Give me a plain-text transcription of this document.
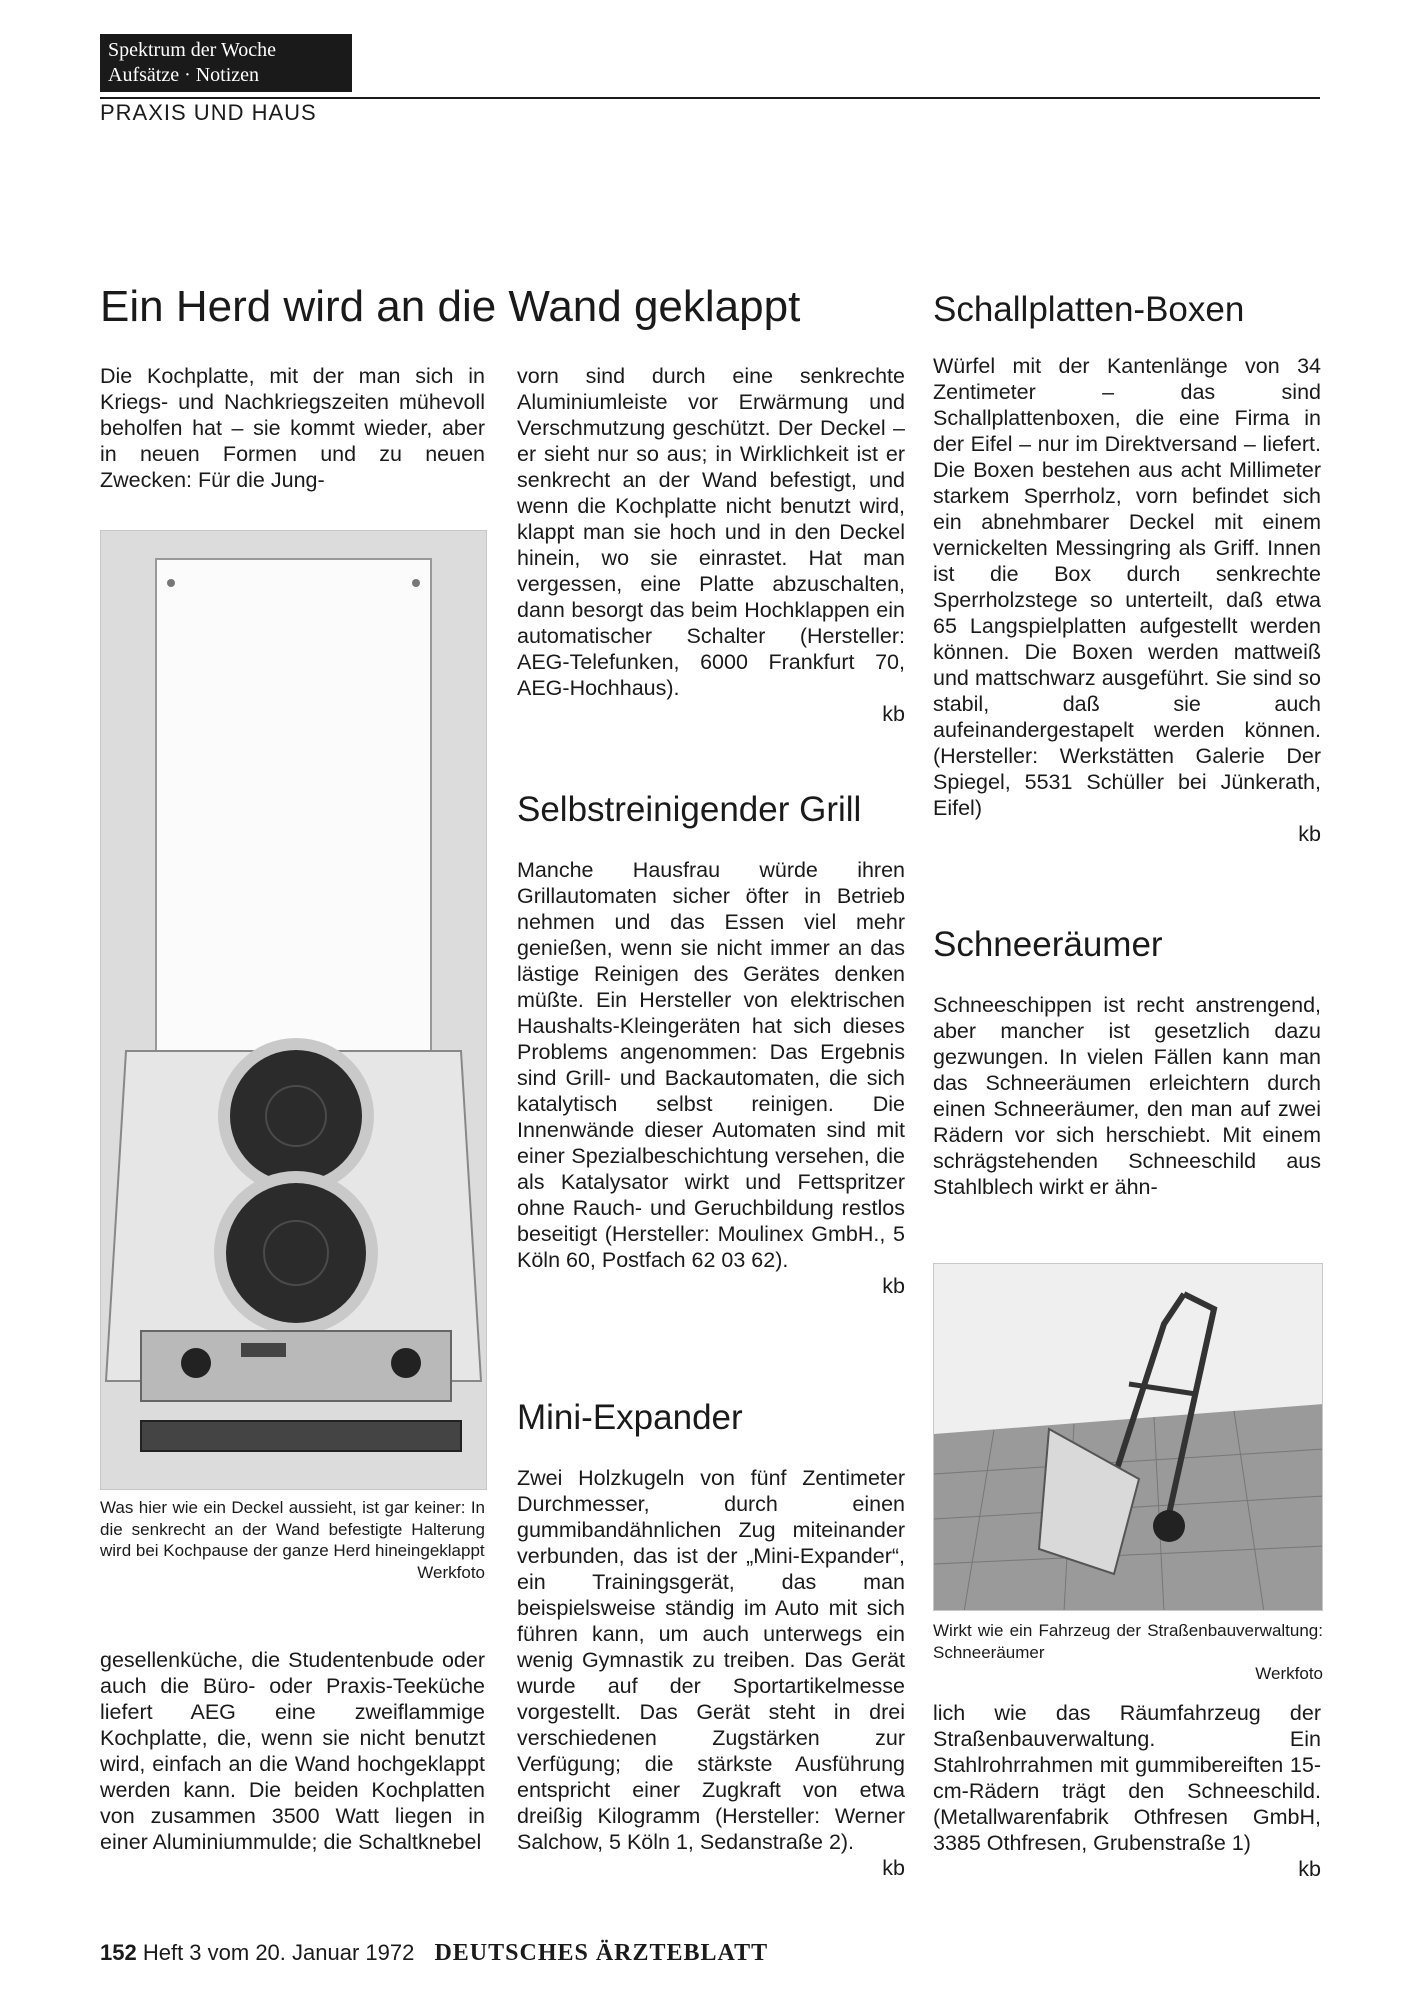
Spektrum der Woche
Aufsätze · Notizen
PRAXIS UND HAUS
Ein Herd wird an die Wand geklappt

Die Kochplatte, mit der man sich in Kriegs- und Nachkriegszeiten mühevoll beholfen hat – sie kommt wieder, aber in neuen Formen und zu neuen Zwecken: Für die Jung-

Was hier wie ein Deckel aussieht, ist gar keiner: In die senkrecht an der Wand befestigte Halterung wird bei Kochpause der ganze Herd hineingeklappt
Werkfoto

gesellenküche, die Studentenbude oder auch die Büro- oder Praxis-Teeküche liefert AEG eine zweiflammige Kochplatte, die, wenn sie nicht benutzt wird, einfach an die Wand hochgeklappt werden kann. Die beiden Kochplatten von zusammen 3500 Watt liegen in einer Aluminiummulde; die Schaltknebel

vorn sind durch eine senkrechte Aluminiumleiste vor Erwärmung und Verschmutzung geschützt. Der Deckel – er sieht nur so aus; in Wirklichkeit ist er senkrecht an der Wand befestigt, und wenn die Kochplatte nicht benutzt wird, klappt man sie hoch und in den Deckel hinein, wo sie einrastet. Hat man vergessen, eine Platte abzuschalten, dann besorgt das beim Hochklappen ein automatischer Schalter (Hersteller: AEG-Telefunken, 6000 Frankfurt 70, AEG-Hochhaus).

kb
Selbstreinigender Grill

Manche Hausfrau würde ihren Grillautomaten sicher öfter in Betrieb nehmen und das Essen viel mehr genießen, wenn sie nicht immer an das lästige Reinigen des Gerätes denken müßte. Ein Hersteller von elektrischen Haushalts-Kleingeräten hat sich dieses Problems angenommen: Das Ergebnis sind Grill- und Backautomaten, die sich katalytisch selbst reinigen. Die Innenwände dieser Automaten sind mit einer Spezialbeschichtung versehen, die als Katalysator wirkt und Fettspritzer ohne Rauch- und Geruchbildung restlos beseitigt (Hersteller: Moulinex GmbH., 5 Köln 60, Postfach 62 03 62).

kb
Mini-Expander

Zwei Holzkugeln von fünf Zentimeter Durchmesser, durch einen gummibandähnlichen Zug miteinander verbunden, das ist der „Mini-Expander“, ein Trainingsgerät, das man beispielsweise ständig im Auto mit sich führen kann, um auch unterwegs ein wenig Gymnastik zu treiben. Das Gerät wurde auf der Sportartikelmesse vorgestellt. Das Gerät steht in drei verschiedenen Zugstärken zur Verfügung; die stärkste Ausführung entspricht einer Zugkraft von etwa dreißig Kilogramm (Hersteller: Werner Salchow, 5 Köln 1, Sedanstraße 2).

kb
Schallplatten-Boxen

Würfel mit der Kantenlänge von 34 Zentimeter – das sind Schallplattenboxen, die eine Firma in der Eifel – nur im Direktversand – liefert. Die Boxen bestehen aus acht Millimeter starkem Sperrholz, vorn befindet sich ein abnehmbarer Deckel mit einem vernickelten Messingring als Griff. Innen ist die Box durch senkrechte Sperrholzstege so unterteilt, daß etwa 65 Langspielplatten aufgestellt werden können. Die Boxen werden mattweiß und mattschwarz ausgeführt. Sie sind so stabil, daß sie auch aufeinandergestapelt werden können. (Hersteller: Werkstätten Galerie Der Spiegel, 5531 Schüller bei Jünkerath, Eifel)

kb
Schneeräumer

Schneeschippen ist recht anstrengend, aber mancher ist gesetzlich dazu gezwungen. In vielen Fällen kann man das Schneeräumen erleichtern durch einen Schneeräumer, den man auf zwei Rädern vor sich herschiebt. Mit einem schrägstehenden Schneeschild aus Stahlblech wirkt er ähn-

Wirkt wie ein Fahrzeug der Straßenbauverwaltung: Schneeräumer
Werkfoto

lich wie das Räumfahrzeug der Straßenbauverwaltung. Ein Stahlrohrrahmen mit gummibereiften 15-cm-Rädern trägt den Schneeschild. (Metallwarenfabrik Othfresen GmbH, 3385 Othfresen, Grubenstraße 1)

kb
152 Heft 3 vom 20. Januar 1972 DEUTSCHES ÄRZTEBLATT
